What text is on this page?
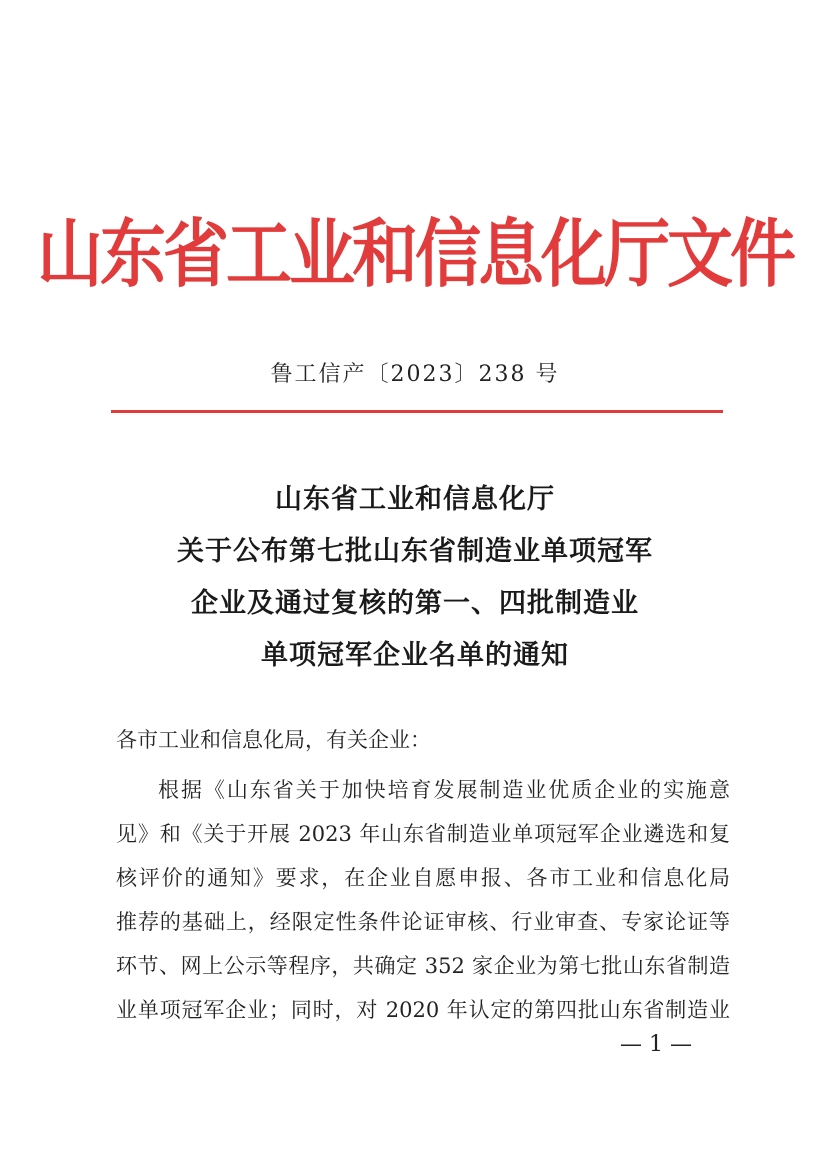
山东省工业和信息化厅文件
鲁工信产〔2023〕238 号
山东省工业和信息化厅
关于公布第七批山东省制造业单项冠军
企业及通过复核的第一、四批制造业
单项冠军企业名单的通知
各市工业和信息化局，有关企业：
根据《山东省关于加快培育发展制造业优质企业的实施意
见》和《关于开展 2023 年山东省制造业单项冠军企业遴选和复
核评价的通知》要求，在企业自愿申报、各市工业和信息化局
推荐的基础上，经限定性条件论证审核、行业审查、专家论证等
环节、网上公示等程序，共确定 352 家企业为第七批山东省制造
业单项冠军企业；同时，对 2020 年认定的第四批山东省制造业
— 1 —
